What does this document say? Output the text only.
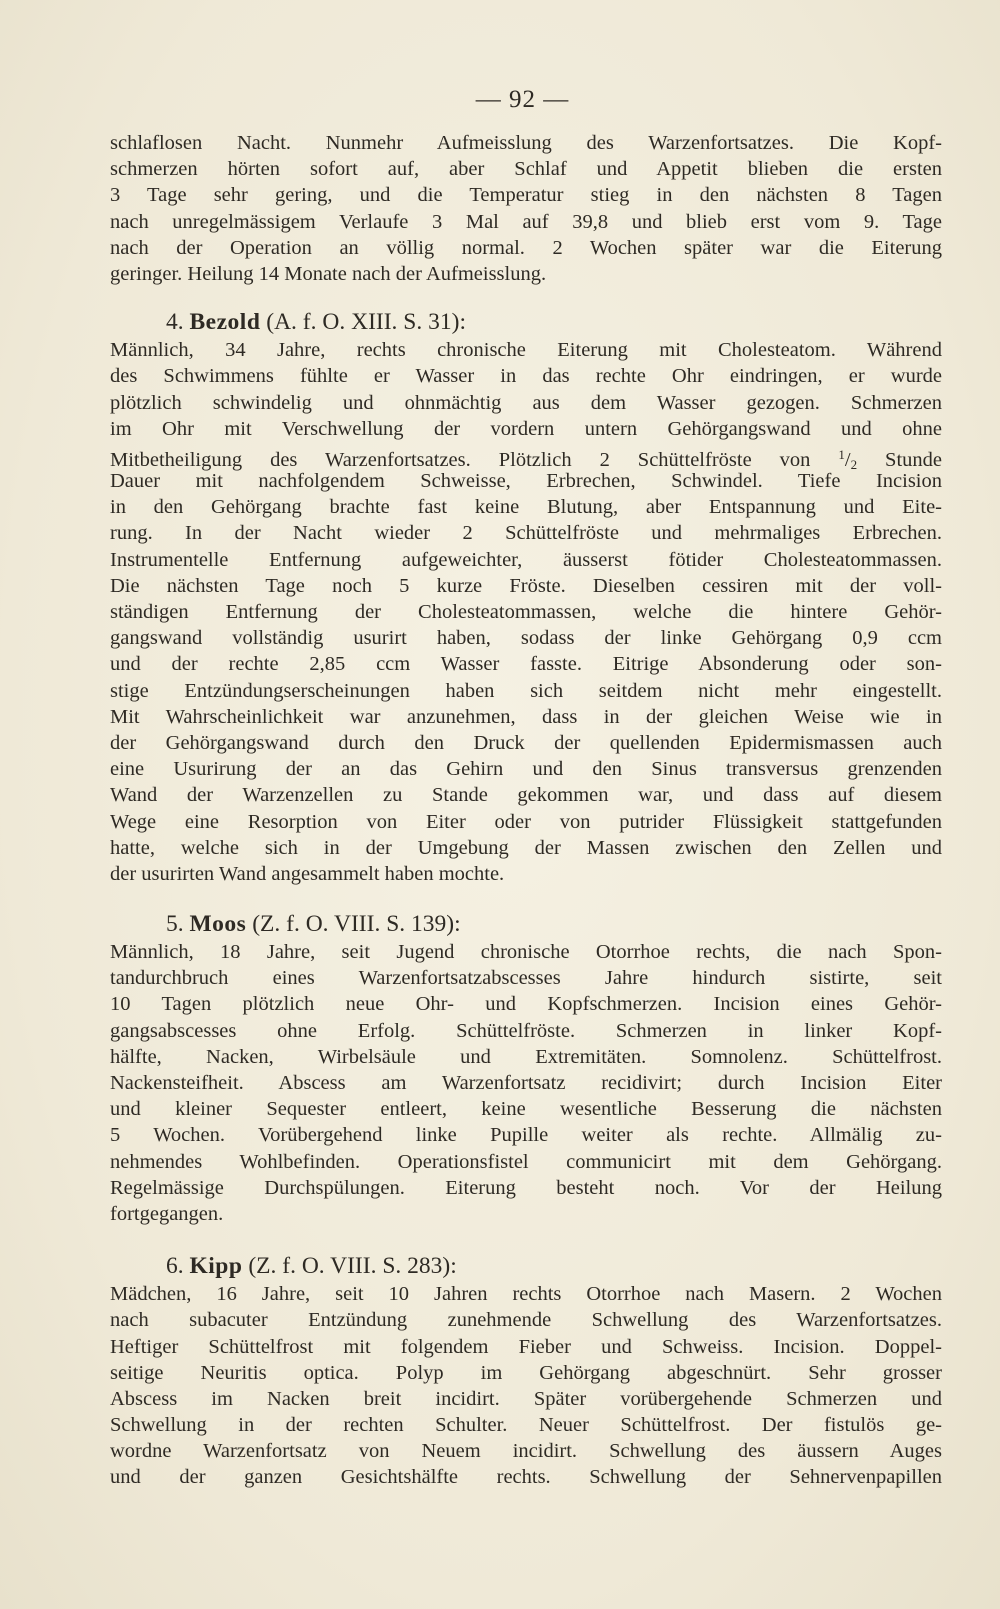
— 92 —
schlaflosen Nacht. Nunmehr Aufmeisslung des Warzenfortsatzes. Die Kopf-
schmerzen hörten sofort auf, aber Schlaf und Appetit blieben die ersten
3 Tage sehr gering, und die Temperatur stieg in den nächsten 8 Tagen
nach unregelmässigem Verlaufe 3 Mal auf 39,8 und blieb erst vom 9. Tage
nach der Operation an völlig normal. 2 Wochen später war die Eiterung
geringer. Heilung 14 Monate nach der Aufmeisslung.
4. Bezold (A. f. O. XIII. S. 31):
Männlich, 34 Jahre, rechts chronische Eiterung mit Cholesteatom. Während
des Schwimmens fühlte er Wasser in das rechte Ohr eindringen, er wurde
plötzlich schwindelig und ohnmächtig aus dem Wasser gezogen. Schmerzen
im Ohr mit Verschwellung der vordern untern Gehörgangswand und ohne
Mitbetheiligung des Warzenfortsatzes. Plötzlich 2 Schüttelfröste von $^1/_2$ Stunde
Dauer mit nachfolgendem Schweisse, Erbrechen, Schwindel. Tiefe Incision
in den Gehörgang brachte fast keine Blutung, aber Entspannung und Eite-
rung. In der Nacht wieder 2 Schüttelfröste und mehrmaliges Erbrechen.
Instrumentelle Entfernung aufgeweichter, äusserst fötider Cholesteatommassen.
Die nächsten Tage noch 5 kurze Fröste. Dieselben cessiren mit der voll-
ständigen Entfernung der Cholesteatommassen, welche die hintere Gehör-
gangswand vollständig usurirt haben, sodass der linke Gehörgang 0,9 ccm
und der rechte 2,85 ccm Wasser fasste. Eitrige Absonderung oder son-
stige Entzündungserscheinungen haben sich seitdem nicht mehr eingestellt.
Mit Wahrscheinlichkeit war anzunehmen, dass in der gleichen Weise wie in
der Gehörgangswand durch den Druck der quellenden Epidermismassen auch
eine Usurirung der an das Gehirn und den Sinus transversus grenzenden
Wand der Warzenzellen zu Stande gekommen war, und dass auf diesem
Wege eine Resorption von Eiter oder von putrider Flüssigkeit stattgefunden
hatte, welche sich in der Umgebung der Massen zwischen den Zellen und
der usurirten Wand angesammelt haben mochte.
5. Moos (Z. f. O. VIII. S. 139):
Männlich, 18 Jahre, seit Jugend chronische Otorrhoe rechts, die nach Spon-
tandurchbruch eines Warzenfortsatzabscesses Jahre hindurch sistirte, seit
10 Tagen plötzlich neue Ohr- und Kopfschmerzen. Incision eines Gehör-
gangsabscesses ohne Erfolg. Schüttelfröste. Schmerzen in linker Kopf-
hälfte, Nacken, Wirbelsäule und Extremitäten. Somnolenz. Schüttelfrost.
Nackensteifheit. Abscess am Warzenfortsatz recidivirt; durch Incision Eiter
und kleiner Sequester entleert, keine wesentliche Besserung die nächsten
5 Wochen. Vorübergehend linke Pupille weiter als rechte. Allmälig zu-
nehmendes Wohlbefinden. Operationsfistel communicirt mit dem Gehörgang.
Regelmässige Durchspülungen. Eiterung besteht noch. Vor der Heilung
fortgegangen.
6. Kipp (Z. f. O. VIII. S. 283):
Mädchen, 16 Jahre, seit 10 Jahren rechts Otorrhoe nach Masern. 2 Wochen
nach subacuter Entzündung zunehmende Schwellung des Warzenfortsatzes.
Heftiger Schüttelfrost mit folgendem Fieber und Schweiss. Incision. Doppel-
seitige Neuritis optica. Polyp im Gehörgang abgeschnürt. Sehr grosser
Abscess im Nacken breit incidirt. Später vorübergehende Schmerzen und
Schwellung in der rechten Schulter. Neuer Schüttelfrost. Der fistulös ge-
wordne Warzenfortsatz von Neuem incidirt. Schwellung des äussern Auges
und der ganzen Gesichtshälfte rechts. Schwellung der Sehnervenpapillen
